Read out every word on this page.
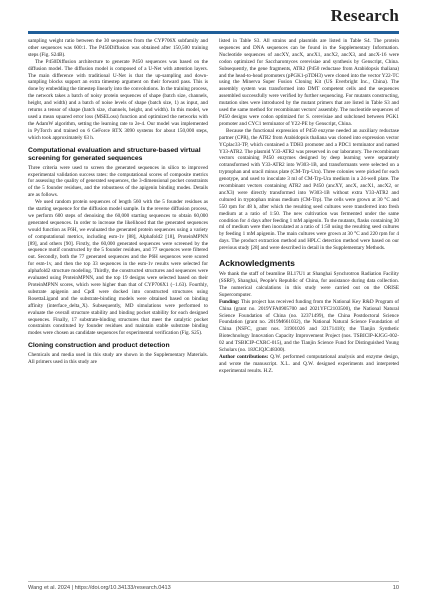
Research

sampling weight ratio between the 30 sequences from the CYP706X subfamily and other sequences was 600:1. The P450Diffusion was obtained after 150,500 training steps (Fig. S24B).

The P450Diffusion architecture to generate P450 sequences was based on the diffusion model. The diffusion model is composed of a U-Net with attention layers. The main difference with traditional U-Net is that the up-sampling and down-sampling blocks support an extra timestep argument on their forward pass. This is done by embedding the timestep linearly into the convolutions. In the training process, the network takes a batch of noisy protein sequences of shape (batch size, channels, height, and width) and a batch of noise levels of shape (batch size, 1) as input, and returns a tensor of shape (batch size, channels, height, and width). In this model, we used a mean squared error loss (MSELoss) function and optimized the networks with the AdamW algorithm, setting the learning rate to 2e-4. Our model was implemented in PyTorch and trained on 6 GeForce RTX 3090 systems for about 150,000 steps, which took approximately 63 h.

Computational evaluation and structure-based virtual screening for generated sequences

Three criteria were used to screen the generated sequences in silico to improved experimental validation success rates: the computational scores of composite metrics for assessing the quality of generated sequences, the 3-dimensional pocket constraints of the 5 founder residues, and the robustness of the apigenin binding modes. Details are as follows.

We used random protein sequences of length 560 with the 5 founder residues as the starting sequence for the diffusion model sample. In the reverse diffusion process, we perform 600 steps of denoising the 60,000 starting sequences to obtain 60,000 generated sequences. In order to increase the likelihood that the generated sequences would function as F6H, we evaluated the generated protein sequences using a variety of computational metrics, including esm-1v [88], Alphafold2 [18], ProteinMPNN [89], and others [90]. Firstly, the 60,000 generated sequences were screened by the sequence motif constructed by the 5 founder residues, and 77 sequences were filtered out. Secondly, both the 77 generated sequences and the P6H sequences were scored for esm-1v, and then the top 33 sequences in the esm-1v results were selected for alphafold2 structure modeling. Thirdly, the constructed structures and sequences were evaluated using ProteinMPNN, and the top 19 designs were selected based on their ProteinMPNN scores, which were higher than that of CYP706X1 (−1.63). Fourthly, substrate apigenin and CpdI were docked into constructed structures using RosettaLigand and the substrate-binding models were obtained based on binding affinity (interface_delta_X). Subsequently, MD simulations were performed to evaluate the overall structure stability and binding pocket stability for each designed sequences. Finally, 17 substrate-binding structures that meet the catalytic pocket constraints constituted by founder residues and maintain stable substrate binding modes were chosen as candidate sequences for experimental verification (Fig. S25).

Cloning construction and product detection

Chemicals and media used in this study are shown in the Supplementary Materials. All primers used in this study are

listed in Table S3. All strains and plasmids are listed in Table S4. The protein sequences and DNA sequences can be found in the Supplementary Information. Nucleotide sequences of ancXY, ancX, ancX1, ancX2, ancX3, and ancX-16 were codon optimized for Saccharomyces cerevisiae and synthesis by Genscript, China. Subsequently, the gene fragments, ATR2 (P450 reductase from Arabidopsis thaliana) and the head-to-head promoters (pPGK1-pTDH3) were cloned into the vector Y22-TC using the Minerva Super Fusion Cloning Kit (US Everbright Inc., China). The assembly system was transformed into DMT competent cells and the sequences assembled successfully were verified by further sequencing. For mutants constructing, mutation sites were introduced by the mutant primers that are listed in Table S3 and used the same method for recombinant vectors' assembly. The nucleotide sequences of P450 designs were codon optimized for S. cerevisiae and subcloned between PGK1 promoter and CYC1 terminator of Y22-PE by Genscript, China.

Because the functional expression of P450 enzyme needed an auxiliary reductase partner (CPR), the ATR2 from Arabidopsis thaliana was cloned into expression vector YCplac33-TP, which contained a TDH3 promoter and a PDC1 terminator and named Y33-ATR2. The plasmid Y33-ATR2 was preserved in our laboratory. The recombinant vectors containing P450 enzymes designed by deep learning were separately cotransformed with Y33-ATR2 into W303-1B, and transformants were selected on a tryptophan and uracil minus plate (CM-Trp-Ura). Three colonies were picked for each genotype, and used to inoculate 3 ml of CM-Trp-Ura medium in a 24-well plate. The recombinant vectors containing ATR2 and P450 (ancXY, ancX, ancX1, ancX2, or ancX3) were directly transformed into W303-1B without extra Y33-ATR2 and cultured in tryptophan minus medium (CM-Trp). The cells were grown at 30 °C and 550 rpm for 48 h, after which the resulting seed cultures were transferred into fresh medium at a ratio of 1:50. The new cultivation was fermented under the same condition for 4 days after feeding 1 mM apigenin. To the mutants, flasks containing 30 ml of medium were then inoculated at a ratio of 1:50 using the resulting seed cultures by feeding 1 mM apigenin. The main cultures were grown at 30 °C and 220 rpm for 4 days. The product extraction method and HPLC detection method were based on our previous study [28] and were described in detail in the Supplementary Methods.

Acknowledgments

We thank the staff of beamline BL17U1 at Shanghai Synchrotron Radiation Facility (SSRF), Shanghai, People's Republic of China, for assistance during data collection. The numerical calculations in this study were carried out on the ORISE Supercomputer.

Funding: This project has received funding from the National Key R&D Program of China (grant no. 2019YFA0905700 and 2021YFC2103500), the National Natural Science Foundation of China (no. 32371499), the China Postdoctoral Science Foundation (grant no. 2019M661032), the National Natural Science Foundation of China (NSFC, grant nos. 31901026 and 32171418); the Tianjin Synthetic Biotechnology Innovation Capacity Improvement Project (nos. TSBICIP-KJGG-002-02 and TSBICIP-CXRC-015), and the Tianjin Science Fund for Distinguished Young Scholars (no. 18JCJQJC48300).

Author contributions: Q.W. performed computational analysis and enzyme design, and wrote the manuscript. X.L. and Q.W. designed experiments and interpreted experimental results. H.Z.

Wang et al. 2024 | https://doi.org/10.34133/research.0413	10
